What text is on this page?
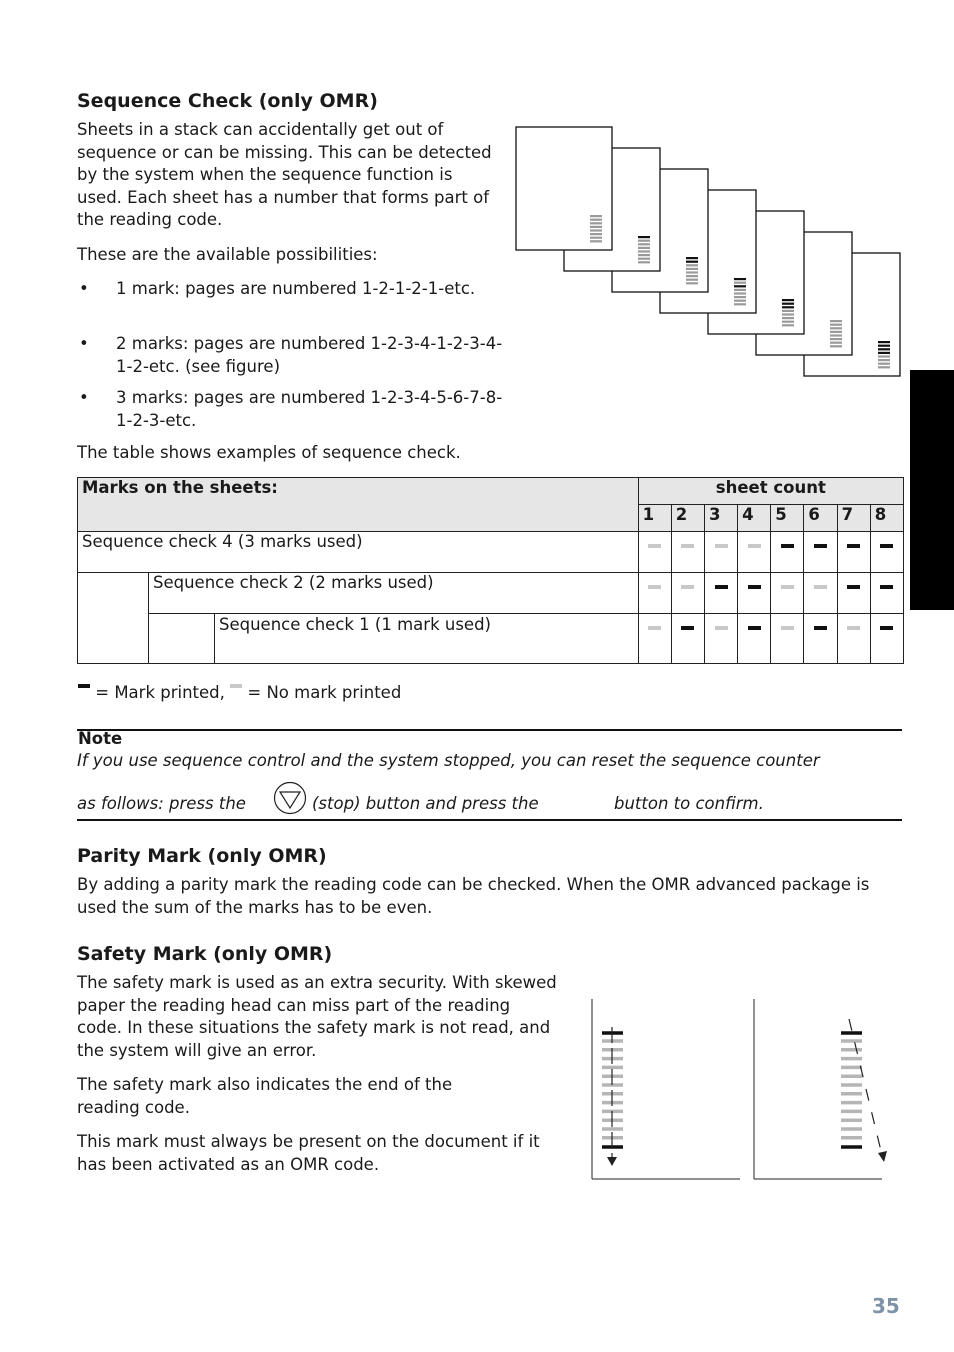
Sequence Check (only OMR)

Sheets in a stack can accidentally get out of sequence or can be missing. This can be detected by the system when the sequence function is used. Each sheet has a number that forms part of the reading code.

These are the available possibilities:

• 1 mark: pages are numbered 1-2-1-2-1-etc.

• 2 marks: pages are numbered 1-2-3-4-1-2-3-4-1-2-etc. (see figure)

• 3 marks: pages are numbered 1-2-3-4-5-6-7-8-1-2-3-etc.

The table shows examples of sequence check.

Marks on the sheets:			sheet count							
			1	2	3	4	5	6	7	8
Sequence check 4 (3 marks used)			

	Sequence check 2 (2 marks used)		

		Sequence check 1 (1 mark used)	

= Mark printed, = No mark printed
Note
If you use sequence control and the system stopped, you can reset the sequence counter
as follows: press the	(stop) button and press the	button to confirm.
Parity Mark (only OMR)

By adding a parity mark the reading code can be checked. When the OMR advanced package is used the sum of the marks has to be even.

Safety Mark (only OMR)

The safety mark is used as an extra security. With skewed paper the reading head can miss part of the reading code. In these situations the safety mark is not read, and the system will give an error.

The safety mark also indicates the end of the reading code.

This mark must always be present on the document if it has been activated as an OMR code.

35
